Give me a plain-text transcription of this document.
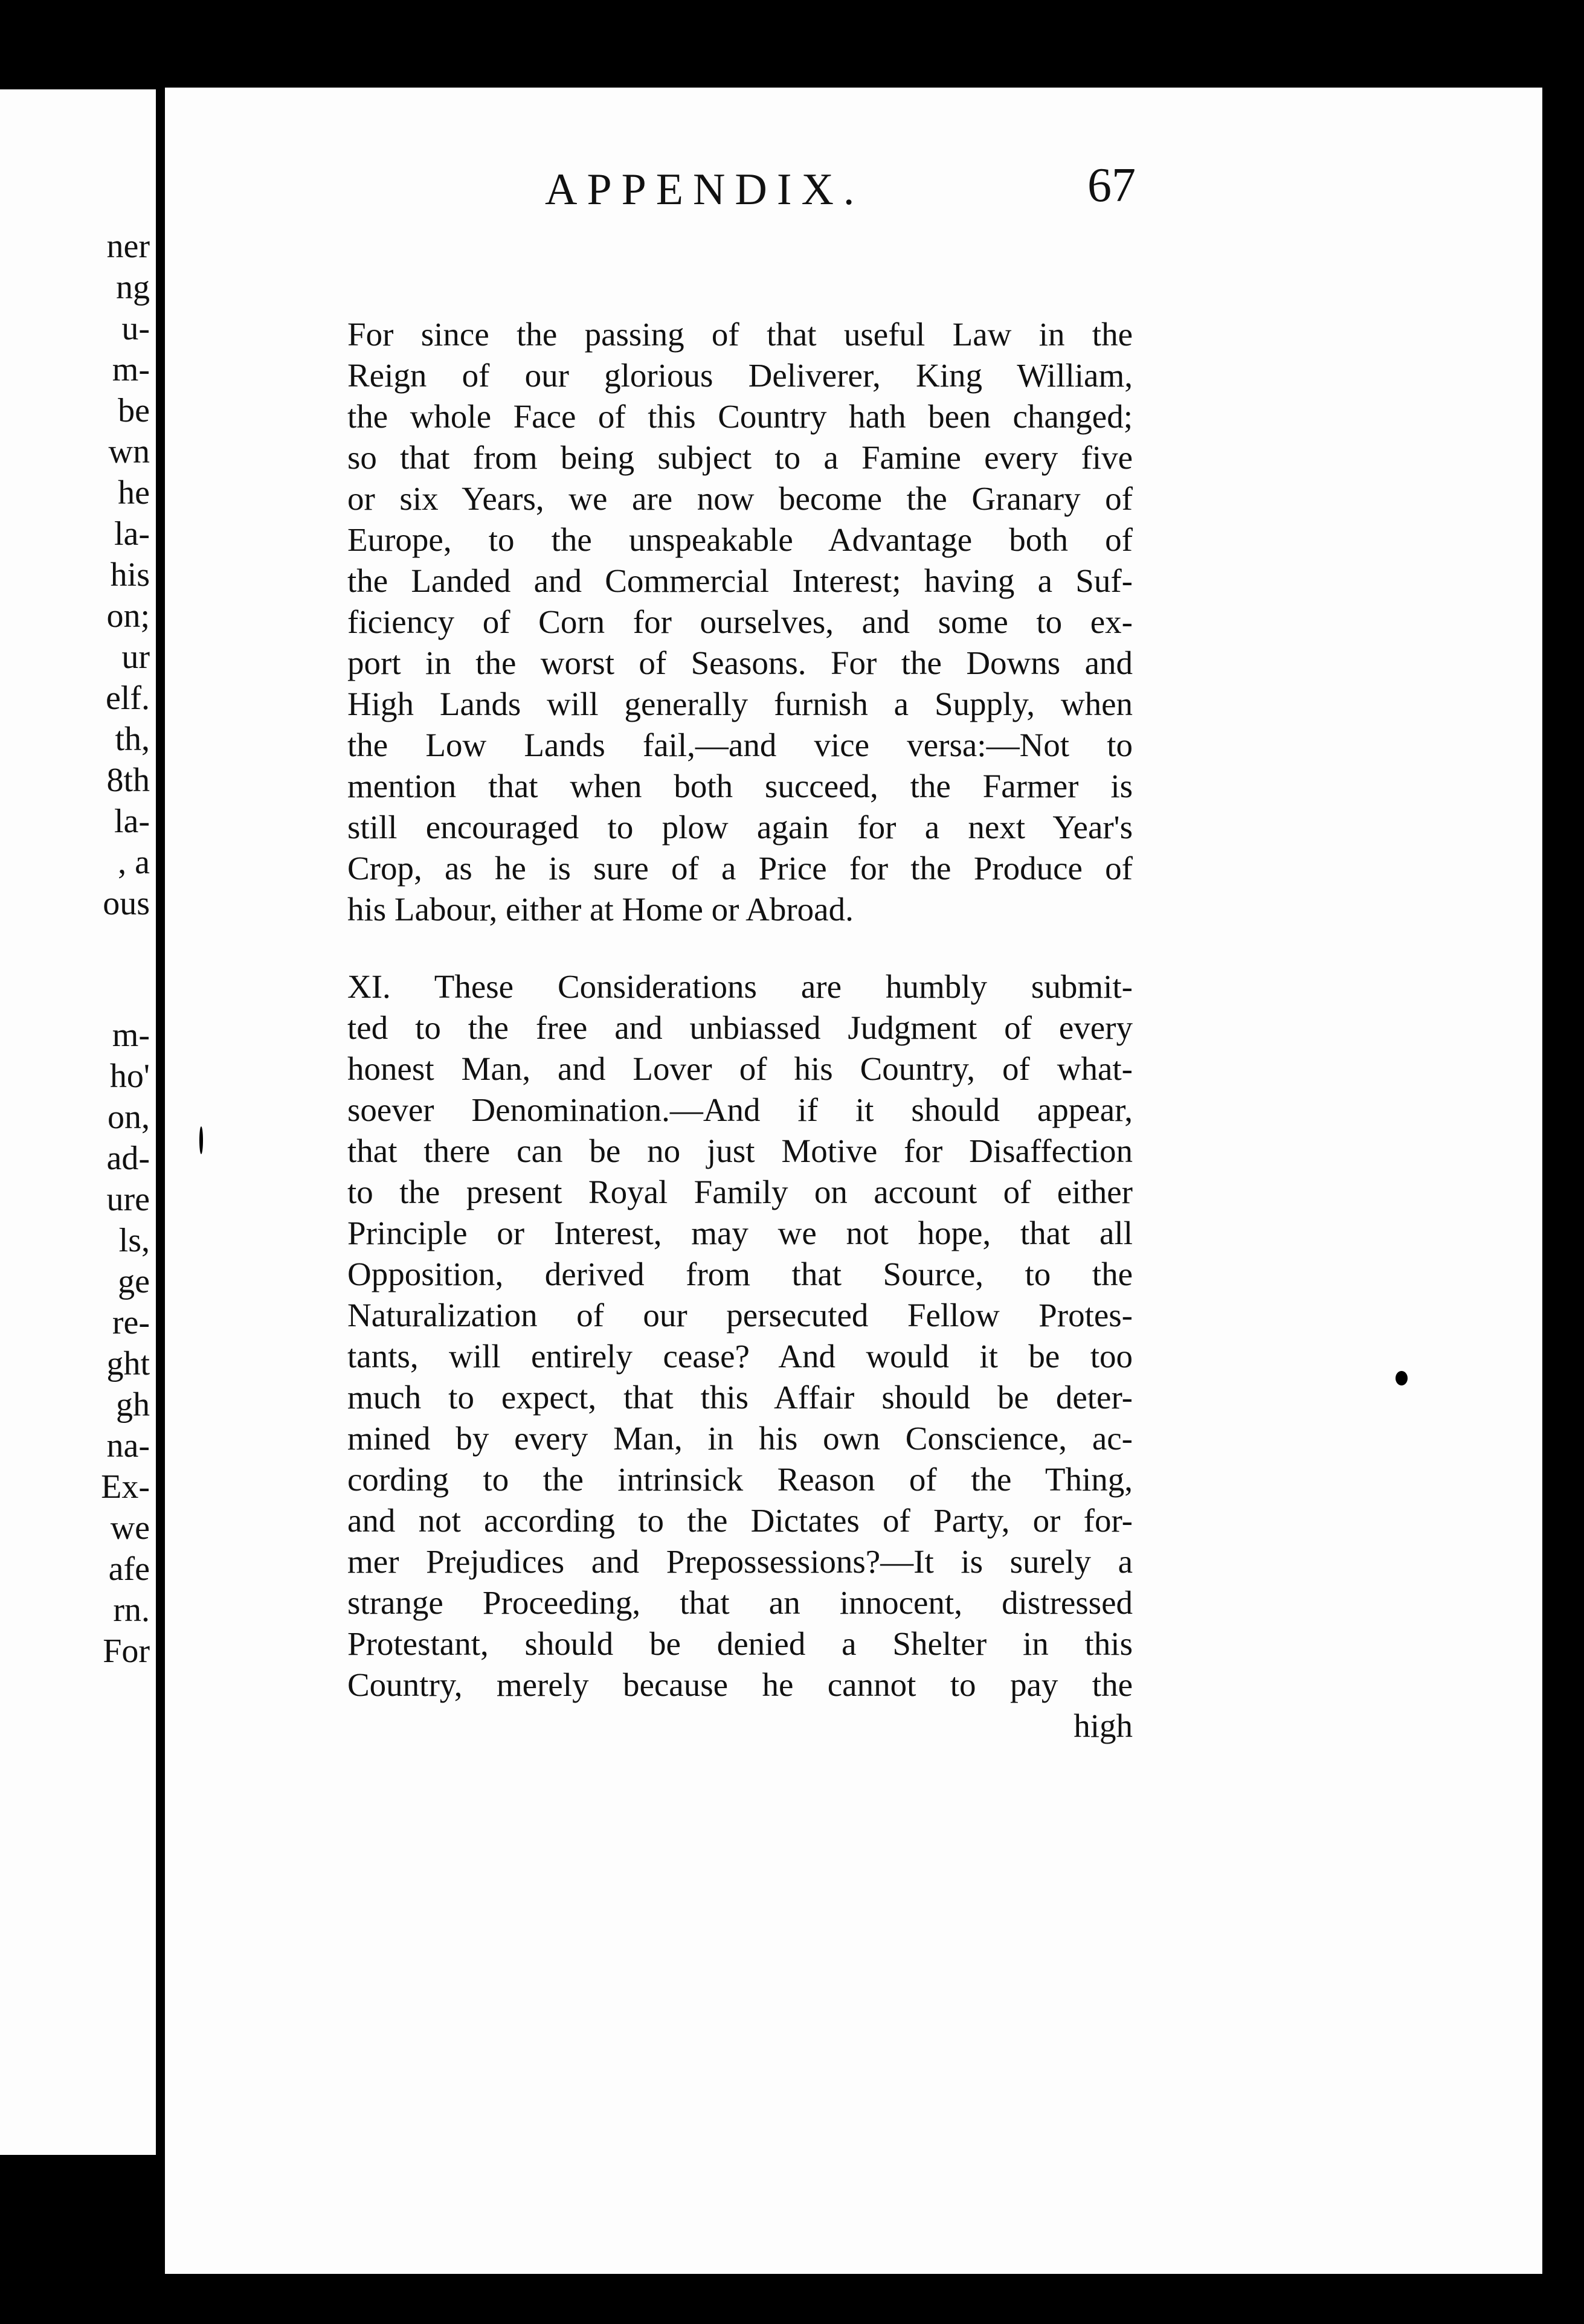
ner
ng
u-
m-
be
wn
he
la-
his
on;
ur
elf.
th,
8th
la-
, a
ous
m-
ho'
on,
ad-
ure
ls,
ge
re-
ght
gh
na-
Ex-
we
afe
rn.
For
APPENDIX.	67
For since the passing of that useful Law in the
Reign of our glorious Deliverer, King William,
the whole Face of this Country hath been changed;
so that from being subject to a Famine every five
or six Years, we are now become the Granary of
Europe, to the unspeakable Advantage both of
the Landed and Commercial Interest; having a Suf-
ficiency of Corn for ourselves, and some to ex-
port in the worst of Seasons. For the Downs and
High Lands will generally furnish a Supply, when
the Low Lands fail,—and vice versa:—Not to
mention that when both succeed, the Farmer is
still encouraged to plow again for a next Year's
Crop, as he is sure of a Price for the Produce of
his Labour, either at Home or Abroad.
XI. These Considerations are humbly submit-
ted to the free and unbiassed Judgment of every
honest Man, and Lover of his Country, of what-
soever Denomination.—And if it should appear,
that there can be no just Motive for Disaffection
to the present Royal Family on account of either
Principle or Interest, may we not hope, that all
Opposition, derived from that Source, to the
Naturalization of our persecuted Fellow Protes-
tants, will entirely cease? And would it be too
much to expect, that this Affair should be deter-
mined by every Man, in his own Conscience, ac-
cording to the intrinsick Reason of the Thing,
and not according to the Dictates of Party, or for-
mer Prejudices and Prepossessions?—It is surely a
strange Proceeding, that an innocent, distressed
Protestant, should be denied a Shelter in this
Country, merely because he cannot to pay the
high
